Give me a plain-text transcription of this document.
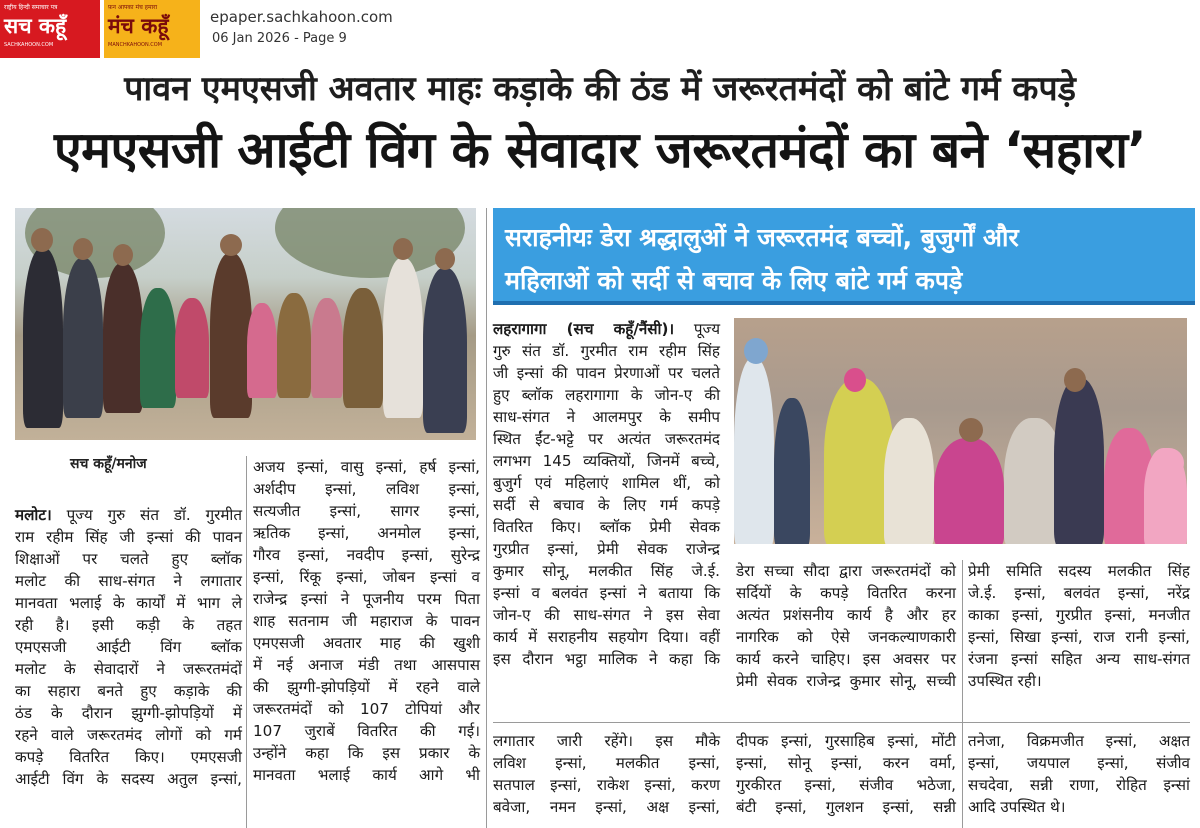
राष्ट्रीय हिन्दी समाचार पत्र
सच कहूँ
SACHKAHOON.COM
फ़न आपका मंच हमारा
मंच कहूँ
MANCHKAHOON.COM
epaper.sachkahoon.com
06 Jan 2026 - Page 9
पावन एमएसजी अवतार माहः कड़ाके की ठंड में जरूरतमंदों को बांटे गर्म कपड़े
एमएसजी आईटी विंग के सेवादार जरूरतमंदों का बने ‘सहारा’
सच कहूँ/मनोज
सराहनीयः डेरा श्रद्धालुओं ने जरूरतमंद बच्चों, बुजुर्गों और
महिलाओं को सर्दी से बचाव के लिए बांटे गर्म कपड़े
मलोट। पूज्य गुरु संत डॉ. गुरमीत
राम रहीम सिंह जी इन्सां की पावन
शिक्षाओं पर चलते हुए ब्लॉक
मलोट की साध-संगत ने लगातार
मानवता भलाई के कार्यों में भाग ले
रही है। इसी कड़ी के तहत
एमएसजी आईटी विंग ब्लॉक
मलोट के सेवादारों ने जरूरतमंदों
का सहारा बनते हुए कड़ाके की
ठंड के दौरान झुग्गी-झोपड़ियों में
रहने वाले जरूरतमंद लोगों को गर्म
कपड़े वितरित किए। एमएसजी
आईटी विंग के सदस्य अतुल इन्सां,
अजय इन्सां, वासु इन्सां, हर्ष इन्सां,
अर्शदीप इन्सां, लविश इन्सां,
सत्यजीत इन्सां, सागर इन्सां,
ऋतिक इन्सां, अनमोल इन्सां,
गौरव इन्सां, नवदीप इन्सां, सुरेन्द्र
इन्सां, रिंकू इन्सां, जोबन इन्सां व
राजेन्द्र इन्सां ने पूजनीय परम पिता
शाह सतनाम जी महाराज के पावन
एमएसजी अवतार माह की खुशी
में नई अनाज मंडी तथा आसपास
की झुग्गी-झोपड़ियों में रहने वाले
जरूरतमंदों को 107 टोपियां और
107 जुराबें वितरित की गई।
उन्होंने कहा कि इस प्रकार के
मानवता भलाई कार्य आगे भी
लहरागागा (सच कहूँ/नैंसी)। पूज्य
गुरु संत डॉ. गुरमीत राम रहीम सिंह
जी इन्सां की पावन प्रेरणाओं पर चलते
हुए ब्लॉक लहरागागा के जोन-ए की
साध-संगत ने आलमपुर के समीप
स्थित ईंट-भट्टे पर अत्यंत जरूरतमंद
लगभग 145 व्यक्तियों, जिनमें बच्चे,
बुजुर्ग एवं महिलाएं शामिल थीं, को
सर्दी से बचाव के लिए गर्म कपड़े
वितरित किए। ब्लॉक प्रेमी सेवक
गुरप्रीत इन्सां, प्रेमी सेवक राजेन्द्र
कुमार सोनू, मलकीत सिंह जे.ई.
इन्सां व बलवंत इन्सां ने बताया कि
जोन-ए की साध-संगत ने इस सेवा
कार्य में सराहनीय सहयोग दिया। वहीं
इस दौरान भट्ठा मालिक ने कहा कि
डेरा सच्चा सौदा द्वारा जरूरतमंदों को
सर्दियों के कपड़े वितरित करना
अत्यंत प्रशंसनीय कार्य है और हर
नागरिक को ऐसे जनकल्याणकारी
कार्य करने चाहिए। इस अवसर पर
प्रेमी सेवक राजेन्द्र कुमार सोनू, सच्ची
प्रेमी समिति सदस्य मलकीत सिंह
जे.ई. इन्सां, बलवंत इन्सां, नरेंद्र
काका इन्सां, गुरप्रीत इन्सां, मनजीत
इन्सां, सिखा इन्सां, राज रानी इन्सां,
रंजना इन्सां सहित अन्य साध-संगत
उपस्थित रही।
लगातार जारी रहेंगे। इस मौके
लविश इन्सां, मलकीत इन्सां,
सतपाल इन्सां, राकेश इन्सां, करण
बवेजा, नमन इन्सां, अक्ष इन्सां,
दीपक इन्सां, गुरसाहिब इन्सां, मोंटी
इन्सां, सोनू इन्सां, करन वर्मा,
गुरकीरत इन्सां, संजीव भठेजा,
बंटी इन्सां, गुलशन इन्सां, सन्नी
तनेजा, विक्रमजीत इन्सां, अक्षत
इन्सां, जयपाल इन्सां, संजीव
सचदेवा, सन्नी राणा, रोहित इन्सां
आदि उपस्थित थे।
